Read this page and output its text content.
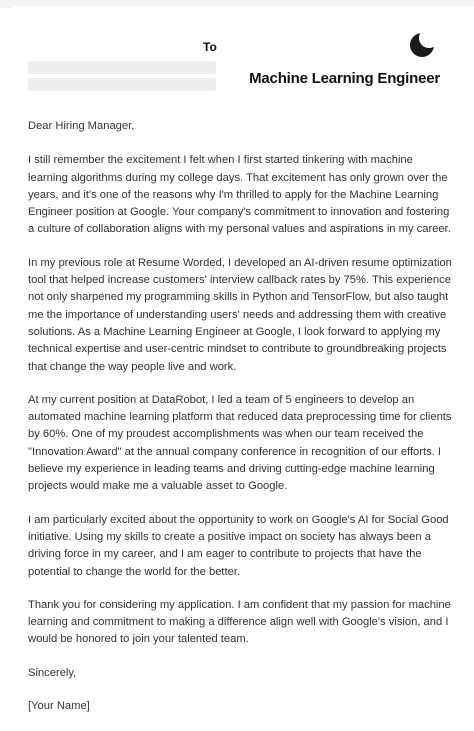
To
Machine Learning Engineer

Dear Hiring Manager,

I still remember the excitement I felt when I first started tinkering with machine learning algorithms during my college days. That excitement has only grown over the years, and it's one of the reasons why I'm thrilled to apply for the Machine Learning Engineer position at Google. Your company's commitment to innovation and fostering a culture of collaboration aligns with my personal values and aspirations in my career.

In my previous role at Resume Worded, I developed an AI-driven resume optimization tool that helped increase customers' interview callback rates by 75%. This experience not only sharpened my programming skills in Python and TensorFlow, but also taught me the importance of understanding users' needs and addressing them with creative solutions. As a Machine Learning Engineer at Google, I look forward to applying my technical expertise and user-centric mindset to contribute to groundbreaking projects that change the way people live and work.

At my current position at DataRobot, I led a team of 5 engineers to develop an automated machine learning platform that reduced data preprocessing time for clients by 60%. One of my proudest accomplishments was when our team received the "Innovation Award" at the annual company conference in recognition of our efforts. I believe my experience in leading teams and driving cutting-edge machine learning projects would make me a valuable asset to Google.

I am particularly excited about the opportunity to work on Google's AI for Social Good initiative. Using my skills to create a positive impact on society has always been a driving force in my career, and I am eager to contribute to projects that have the potential to change the world for the better.

Thank you for considering my application. I am confident that my passion for machine learning and commitment to making a difference align well with Google's vision, and I would be honored to join your talented team.

Sincerely,

[Your Name]
